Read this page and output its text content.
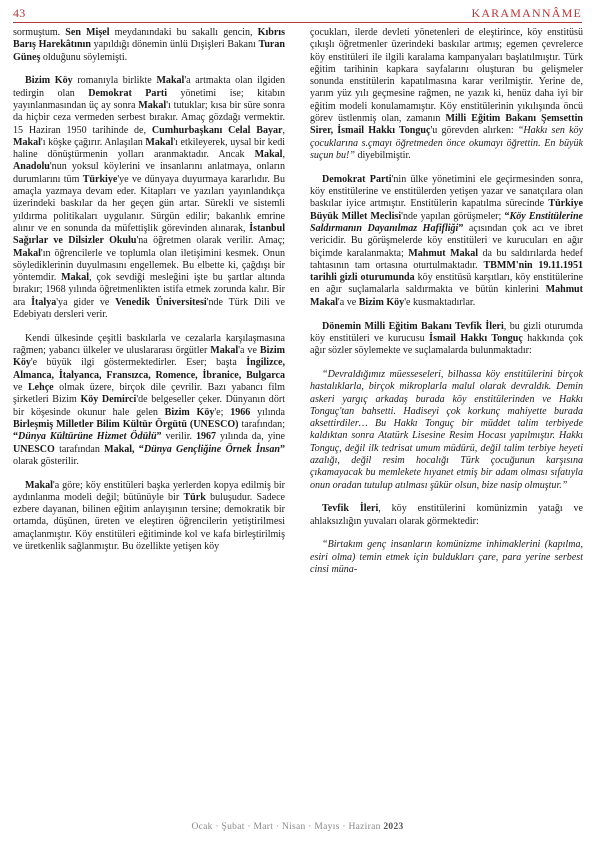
43	KARAMANNÂME

sormuştum. Sen Mişel meydanındaki bu sakallı gencin, Kıbrıs Barış Harekâtının yapıldığı dönemin ünlü Dışişleri Bakanı Turan Güneş olduğunu söylemişti.

Bizim Köy romanıyla birlikte Makal'a artmakta olan ilgiden tedirgin olan Demokrat Parti yönetimi ise; kitabın yayınlanmasından üç ay sonra Makal'ı tutuklar; kısa bir süre sonra da hiçbir ceza vermeden serbest bırakır. Amaç gözdağı vermektir. 15 Haziran 1950 tarihinde de, Cumhurbaşkanı Celal Bayar, Makal'ı köşke çağırır. Anlaşılan Makal'ı etkileyerek, uysal bir kedi haline dönüştürmenin yolları aranmaktadır. Ancak Makal, Anadolu'nun yoksul köylerini ve insanlarını anlatmaya, onların durumlarını tüm Türkiye'ye ve dünyaya duyurmaya kararlıdır. Bu amaçla yazmaya devam eder. Kitapları ve yazıları yayınlandıkça üzerindeki baskılar da her geçen gün artar. Sürekli ve sistemli yıldırma politikaları uygulanır. Sürgün edilir; bakanlık emrine alınır ve en sonunda da müfettişlik görevinden alınarak, İstanbul Sağırlar ve Dilsizler Okulu'na öğretmen olarak verilir. Amaç; Makal'ın öğrencilerle ve toplumla olan iletişimini kesmek. Onun söylediklerinin duyulmasını engellemek. Bu elbette ki, çağdışı bir yöntemdir. Makal, çok sevdiği mesleğini işte bu şartlar altında bırakır; 1968 yılında öğretmenlikten istifa etmek zorunda kalır. Bir ara İtalya'ya gider ve Venedik Üniversitesi'nde Türk Dili ve Edebiyatı dersleri verir.

Kendi ülkesinde çeşitli baskılarla ve cezalarla karşılaşmasına rağmen; yabancı ülkeler ve uluslararası örgütler Makal'a ve Bizim Köy'e büyük ilgi göstermektedirler. Eser; başta İngilizce, Almanca, İtalyanca, Fransızca, Romence, İbranice, Bulgarca ve Lehçe olmak üzere, birçok dile çevrilir. Bazı yabancı film şirketleri Bizim Köy Demirci'de belgeseller çeker. Dünyanın dört bir köşesinde okunur hale gelen Bizim Köy'e; 1966 yılında Birleşmiş Milletler Bilim Kültür Örgütü (UNESCO) tarafından; “Dünya Kültürüne Hizmet Ödülü” verilir. 1967 yılında da, yine UNESCO tarafından Makal, “Dünya Gençliğine Örnek İnsan” olarak gösterilir.

Makal'a göre; köy enstitüleri başka yerlerden kopya edilmiş bir aydınlanma modeli değil; bütünüyle bir Türk buluşudur. Sadece ezbere dayanan, bilinen eğitim anlayışının tersine; demokratik bir ortamda, düşünen, üreten ve eleştiren öğrencilerin yetiştirilmesi amaçlanmıştır. Köy enstitüleri eğitiminde kol ve kafa birleştirilmiş ve üretkenlik sağlanmıştır. Bu özellikte yetişen köy

çocukları, ilerde devleti yönetenleri de eleştirince, köy enstitüsü çıkışlı öğretmenler üzerindeki baskılar artmış; egemen çevrelerce köy enstitüleri ile ilgili karalama kampanyaları başlatılmıştır. Türk eğitim tarihinin kapkara sayfalarını oluşturan bu gelişmeler sonunda enstitülerin kapatılmasına karar verilmiştir. Yerine de, yarım yüz yılı geçmesine rağmen, ne yazık ki, henüz daha iyi bir eğitim modeli konulamamıştır. Köy enstitülerinin yıkılışında öncü görev üstlenmiş olan, zamanın Milli Eğitim Bakanı Şemsettin Sirer, İsmail Hakkı Tonguç'u görevden alırken: “Hakkı sen köy çocuklarına s.çmayı öğretmeden önce okumayı öğrettin. En büyük suçun bu!” diyebilmiştir.

Demokrat Parti'nin ülke yönetimini ele geçirmesinden sonra, köy enstitülerine ve enstitülerden yetişen yazar ve sanatçılara olan baskılar iyice artmıştır. Enstitülerin kapatılma sürecinde Türkiye Büyük Millet Meclisi'nde yapılan görüşmeler; “Köy Enstitülerine Saldırmanın Dayanılmaz Hafifliği” açısından çok acı ve ibret vericidir. Bu görüşmelerde köy enstitüleri ve kurucuları en ağır biçimde karalanmakta; Mahmut Makal da bu saldırılarda hedef tahtasının tam ortasına oturtulmaktadır. TBMM'nin 19.11.1951 tarihli gizli oturumunda köy enstitüsü karşıtları, köy enstitülerine en ağır suçlamalarla saldırmakta ve bütün kinlerini Mahmut Makal'a ve Bizim Köy'e kusmaktadırlar.

Dönemin Milli Eğitim Bakanı Tevfik İleri, bu gizli oturumda köy enstitüleri ve kurucusu İsmail Hakkı Tonguç hakkında çok ağır sözler söylemekte ve suçlamalarda bulunmaktadır:

“Devraldığımız müesseseleri, bilhassa köy enstitülerini birçok hastalıklarla, birçok mikroplarla malul olarak devraldık. Demin askeri yargıç arkadaş burada köy enstitülerinden ve Hakkı Tonguç'tan bahsetti. Hadiseyi çok korkunç mahiyette burada aksettirdiler… Bu Hakkı Tonguç bir müddet talim terbiyede kaldıktan sonra Atatürk Lisesine Resim Hocası yapılmıştır. Hakkı Tonguç, değil ilk tedrisat umum müdürü, değil talim terbiye heyeti azalığı, değil resim hocalığı Türk çocuğunun karşısına çıkamayacak bu memlekete hıyanet etmiş bir adam olması sıfatıyla onun oradan tutulup atılması şükür olsun, bize nasip olmuştur.”

Tevfik İleri, köy enstitülerini komünizmin yatağı ve ahlaksızlığın yuvaları olarak görmektedir:

“Birtakım genç insanların komünizme inhimaklerini (kapılma, esiri olma) temin etmek için buldukları çare, para yerine serbest cinsi müna-

Ocak · Şubat · Mart · Nisan · Mayıs · Haziran 2023
